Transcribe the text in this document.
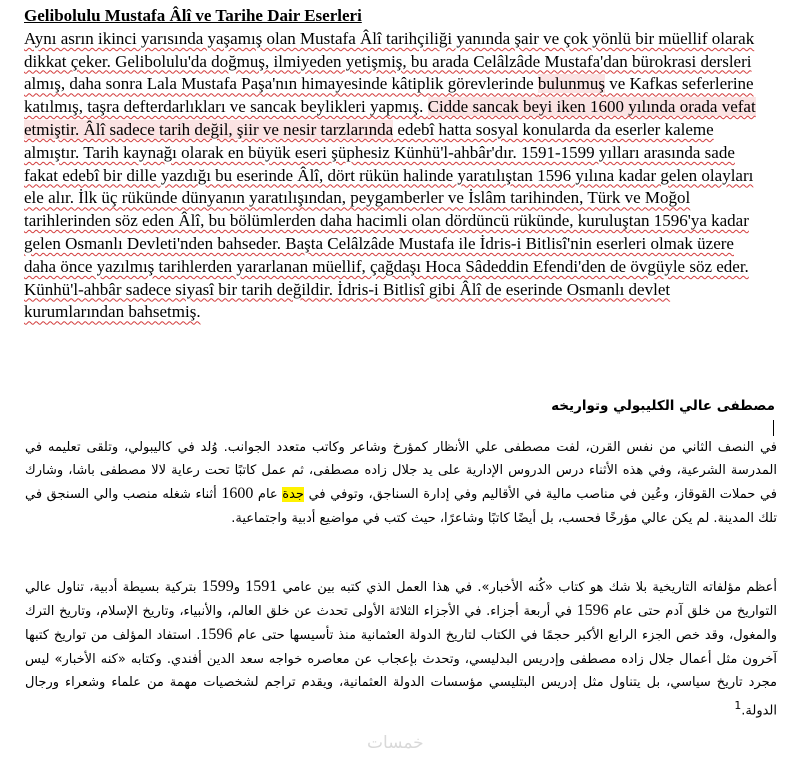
Gelibolulu Mustafa Âlî ve Tarihe Dair Eserleri
Aynı asrın ikinci yarısında yaşamış olan Mustafa Âlî tarihçiliği yanında şair ve çok yönlü bir müellif olarak dikkat çeker. Gelibolulu'da doğmuş, ilmiyeden yetişmiş, bu arada Celâlzâde Mustafa'dan bürokrasi dersleri almış, daha sonra Lala Mustafa Paşa'nın himayesinde kâtiplik görevlerinde bulunmuş ve Kafkas seferlerine katılmış, taşra defterdarlıkları ve sancak beylikleri yapmış. Cidde sancak beyi iken 1600 yılında orada vefat etmiştir. Âlî sadece tarih değil, şiir ve nesir tarzlarında edebî hatta sosyal konularda da eserler kaleme almıştır. Tarih kaynağı olarak en büyük eseri şüphesiz Künhü'l-ahbâr'dır. 1591-1599 yılları arasında sade fakat edebî bir dille yazdığı bu eserinde Âlî, dört rükün halinde yaratılıştan 1596 yılına kadar gelen olayları ele alır. İlk üç rükünde dünyanın yaratılışından, peygamberler ve İslâm tarihinden, Türk ve Moğol tarihlerinden söz eden Âlî, bu bölümlerden daha hacimli olan dördüncü rükünde, kuruluştan 1596'ya kadar gelen Osmanlı Devleti'nden bahseder. Başta Celâlzâde Mustafa ile İdris-i Bitlisî'nin eserleri olmak üzere daha önce yazılmış tarihlerden yararlanan müellif, çağdaşı Hoca Sâdeddin Efendi'den de övgüyle söz eder. Künhü'l-ahbâr sadece siyasî bir tarih değildir. İdris-i Bitlisî gibi Âlî de eserinde Osmanlı devlet kurumlarından bahsetmiş.
مصطفى عالي الكليبولي وتواريخه
في النصف الثاني من نفس القرن، لفت مصطفى علي الأنظار كمؤرخ وشاعر وكاتب متعدد الجوانب. وُلد في كاليبولي، وتلقى تعليمه في المدرسة الشرعية، وفي هذه الأثناء درس الدروس الإدارية على يد جلال زاده مصطفى، ثم عمل كاتبًا تحت رعاية لالا مصطفى باشا، وشارك في حملات القوقاز، وعُين في مناصب مالية في الأقاليم وفي إدارة السناجق، وتوفي في جدة عام 1600 أثناء شغله منصب والي السنجق في تلك المدينة. لم يكن عالي مؤرخًا فحسب، بل أيضًا كاتبًا وشاعرًا، حيث كتب في مواضيع أدبية واجتماعية.
أعظم مؤلفاته التاريخية بلا شك هو كتاب «كُنه الأخبار». في هذا العمل الذي كتبه بين عامي 1591 و1599 بتركية بسيطة أدبية، تناول عالي التواريخ من خلق آدم حتى عام 1596 في أربعة أجزاء. في الأجزاء الثلاثة الأولى تحدث عن خلق العالم، والأنبياء، وتاريخ الإسلام، وتاريخ الترك والمغول، وقد خص الجزء الرابع الأكبر حجمًا في الكتاب لتاريخ الدولة العثمانية منذ تأسيسها حتى عام 1596. استفاد المؤلف من تواريخ كتبها آخرون مثل أعمال جلال زاده مصطفى وإدريس البدليسي، وتحدث بإعجاب عن معاصره خواجه سعد الدين أفندي. وكتابه «كنه الأخبار» ليس مجرد تاريخ سياسي، بل يتناول مثل إدريس البتليسي مؤسسات الدولة العثمانية، ويقدم تراجم لشخصيات مهمة من علماء وشعراء ورجال الدولة.$^1$
خمسات
